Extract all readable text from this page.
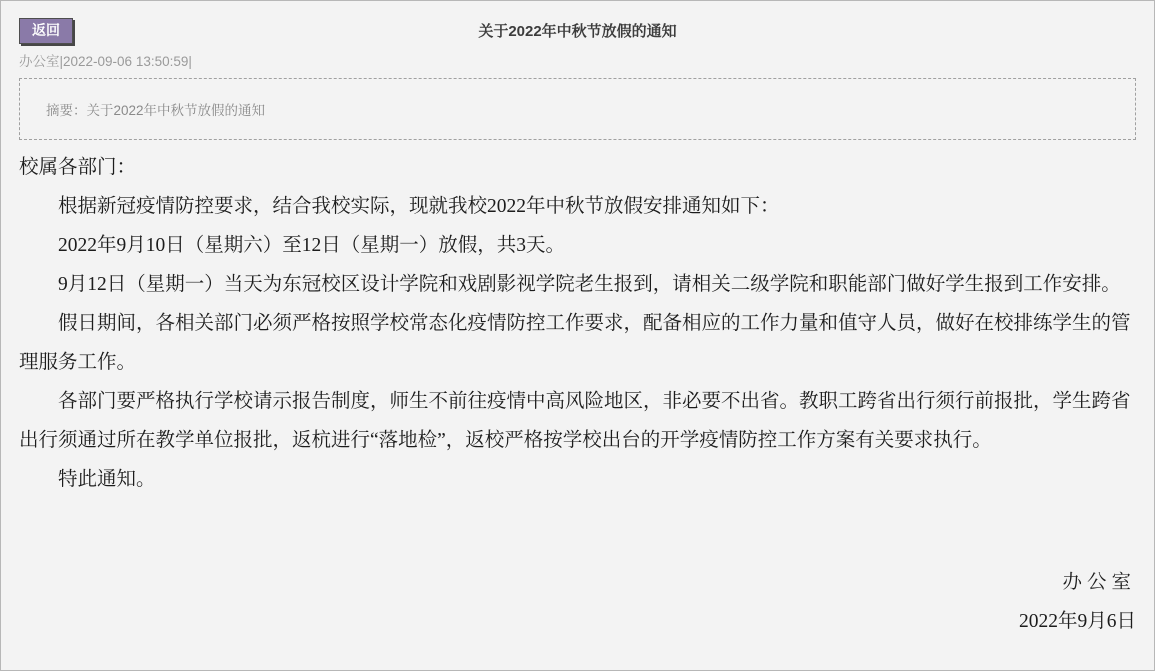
返回	关于2022年中秋节放假的通知
办公室|2022-09-06 13:50:59|
摘要：关于2022年中秋节放假的通知

校属各部门：

根据新冠疫情防控要求，结合我校实际，现就我校2022年中秋节放假安排通知如下：

2022年9月10日（星期六）至12日（星期一）放假，共3天。

9月12日（星期一）当天为东冠校区设计学院和戏剧影视学院老生报到，请相关二级学院和职能部门做好学生报到工作安排。

假日期间，各相关部门必须严格按照学校常态化疫情防控工作要求，配备相应的工作力量和值守人员，做好在校排练学生的管理服务工作。

各部门要严格执行学校请示报告制度，师生不前往疫情中高风险地区，非必要不出省。教职工跨省出行须行前报批，学生跨省出行须通过所在教学单位报批，返杭进行“落地检”，返校严格按学校出台的开学疫情防控工作方案有关要求执行。

特此通知。

办公室

2022年9月6日
